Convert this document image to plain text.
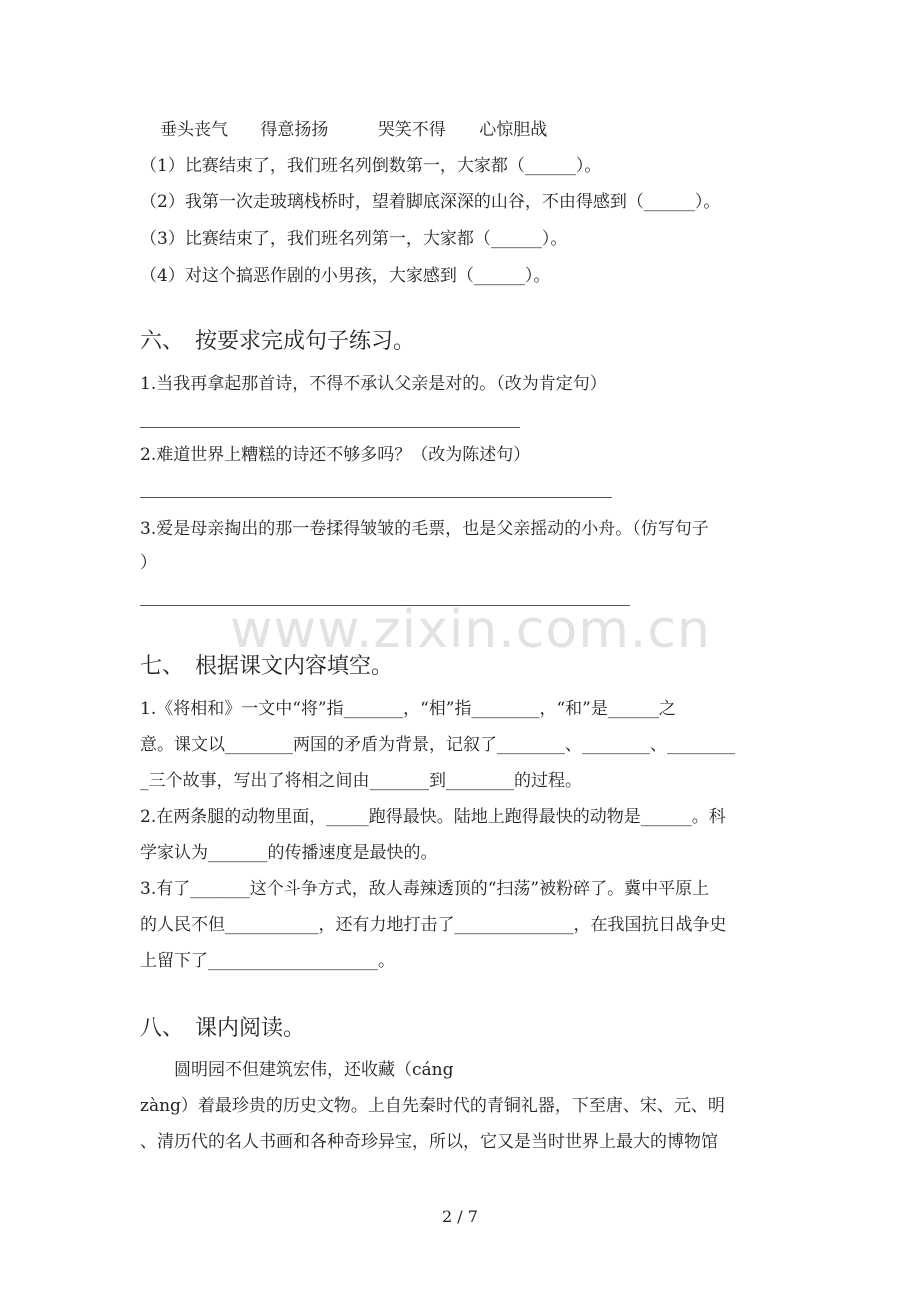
垂头丧气 得意扬扬	哭笑不得 心惊胆战
（1）比赛结束了，我们班名列倒数第一，大家都（______）。
（2）我第一次走玻璃栈桥时，望着脚底深深的山谷，不由得感到（______）。
（3）比赛结束了，我们班名列第一，大家都（______）。
（4）对这个搞恶作剧的小男孩，大家感到（______）。
六、　按要求完成句子练习。
1.当我再拿起那首诗，不得不承认父亲是对的。（改为肯定句）
2.难道世界上糟糕的诗还不够多吗？（改为陈述句）
3.爱是母亲掏出的那一卷揉得皱皱的毛票，也是父亲摇动的小舟。（仿写句子
）
www.zixin.com.cn
七、　根据课文内容填空。
1.《将相和》一文中“将”指_______，“相”指________，“和”是______之
意。课文以________两国的矛盾为背景，记叙了________、________、________
_三个故事，写出了将相之间由_______到________的过程。
2.在两条腿的动物里面，_____跑得最快。陆地上跑得最快的动物是______。科
学家认为_______的传播速度是最快的。
3.有了_______这个斗争方式，敌人毒辣透顶的“扫荡”被粉碎了。冀中平原上
的人民不但___________，还有力地打击了______________，在我国抗日战争史
上留下了____________________。
八、　课内阅读。
圆明园不但建筑宏伟，还收藏（cáng
zàng）着最珍贵的历史文物。上自先秦时代的青铜礼器，下至唐、宋、元、明
、清历代的名人书画和各种奇珍异宝，所以，它又是当时世界上最大的博物馆
2 / 7
